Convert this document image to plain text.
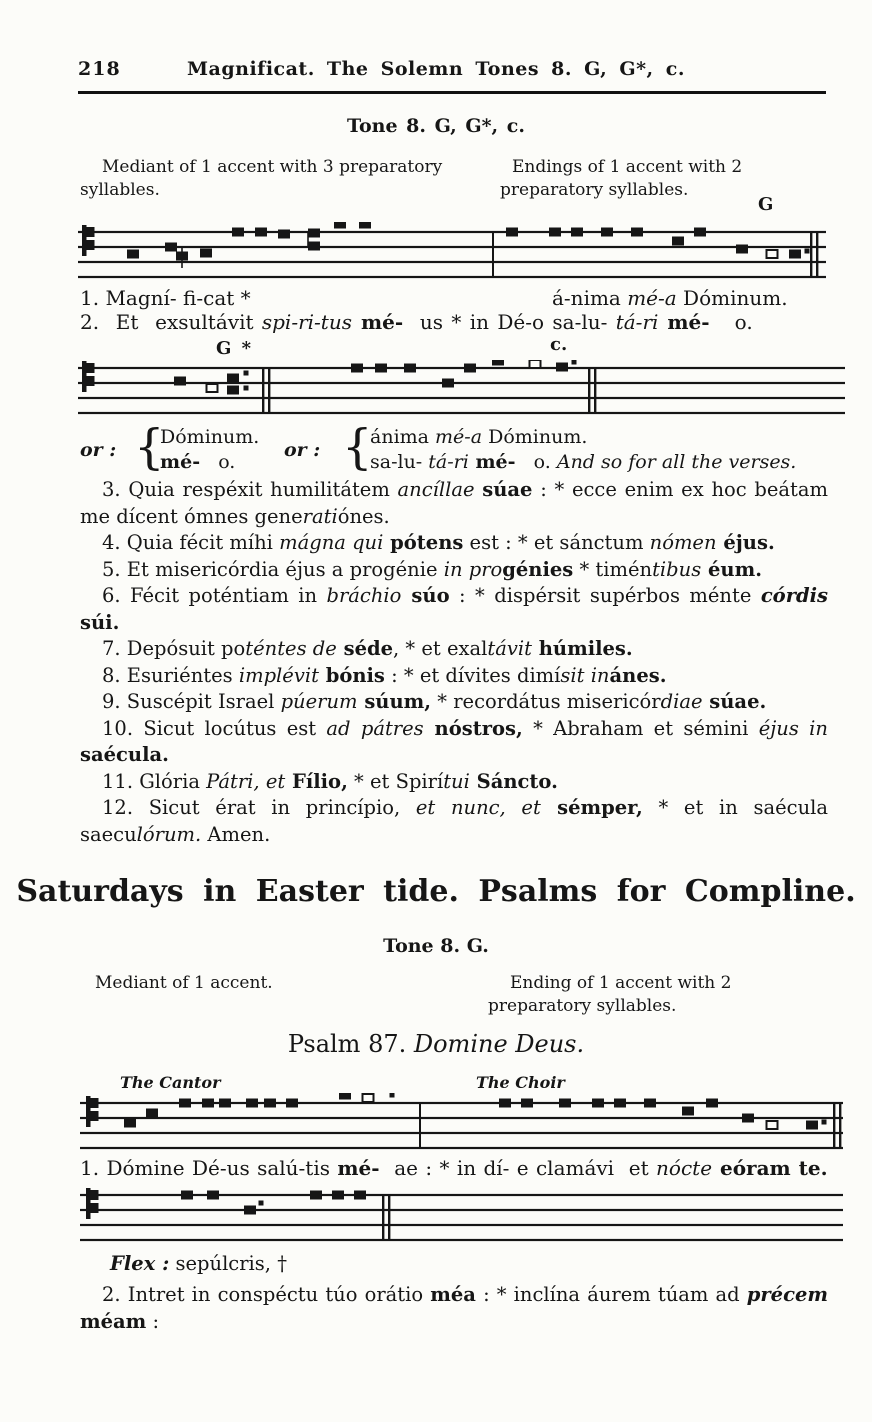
218	Magnificat. The Solemn Tones 8. G, G*, c.
Tone 8. G, G*, c.
Mediant of 1 accent with 3 preparatory syllables.
Endings of 1 accent with 2 preparatory syllables.
G
1. Magní- fi-cat *	á-nima mé-a Dóminum.
2.  Et  exsultávit spi-ri-tus mé-  us * in Dé-o sa-lu- tá-ri mé-   o.
G *	c.
or : {
Dóminum.
mé-   o.
or : {
ánima mé-a Dóminum.
sa-lu- tá-ri mé-   o. And so for all the verses.

3. Quia respéxit humilitátem ancíllae súae : * ecce enim ex hoc beátam me dícent ómnes generatiónes.

4. Quia fécit míhi mágna qui pótens est : * et sánctum nómen éjus.

5. Et misericórdia éjus a progénie in progénies * timéntibus éum.

6. Fécit poténtiam in bráchio súo : * dispérsit supérbos ménte córdis súi.

7. Depósuit poténtes de séde, * et exaltávit húmiles.

8. Esuriéntes implévit bónis : * et dívites dimísit inánes.

9. Suscépit Israel púerum súum, * recordátus misericórdiae súae.

10. Sicut locútus est ad pátres nóstros, * Abraham et sémini éjus in saécula.

11. Glória Pátri, et Fílio, * et Spirítui Sáncto.

12. Sicut érat in princípio, et nunc, et sémper, * et in saécula saeculórum. Amen.

Saturdays in Easter tide. Psalms for Compline.
Tone 8. G.
Mediant of 1 accent.	Ending of 1 accent with 2 preparatory syllables.
Psalm 87. Domine Deus.
The Cantor	The Choir
1. Dómine Dé-us salú-tis mé-  ae : * in dí- e clamávi  et nócte eóram te.
Flex : sepúlcris, †

2. Intret in conspéctu túo orátio méa : * inclína áurem túam ad précem méam :
